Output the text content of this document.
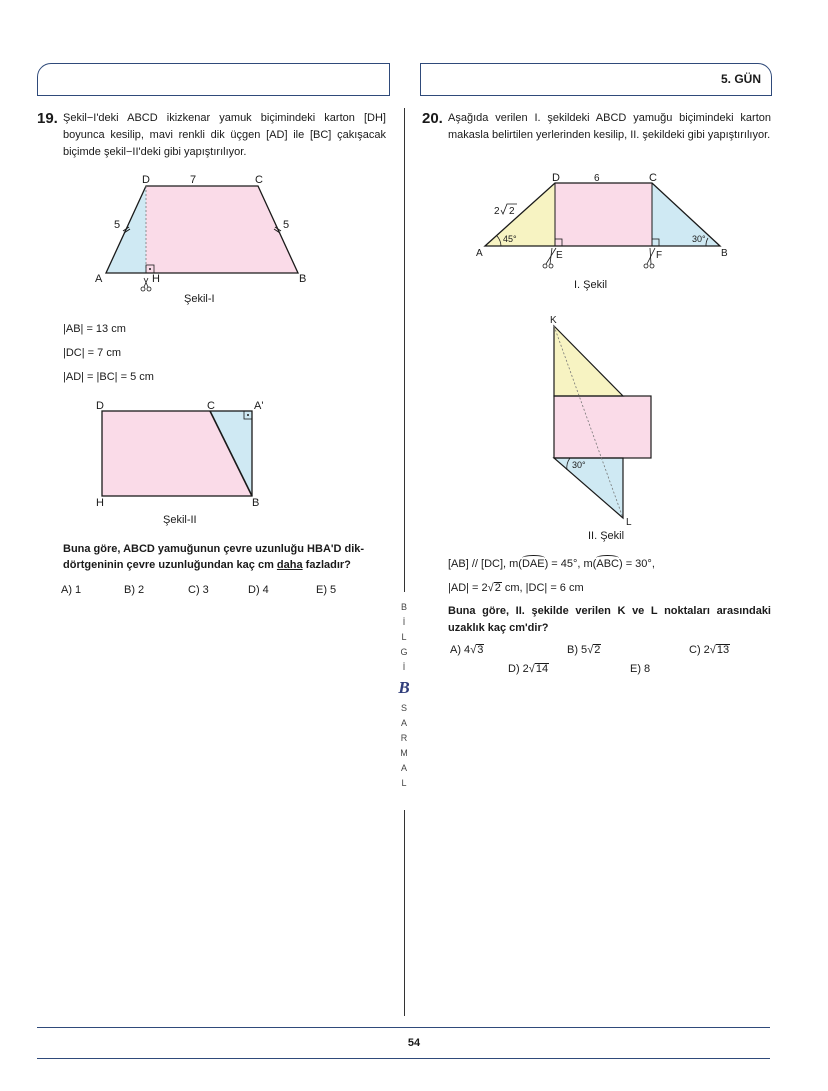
5. GÜN
19. Şekil−I'deki ABCD ikizkenar yamuk biçimindeki karton [DH] boyunca kesilip, mavi renkli dik üçgen [AD] ile [BC] çakışacak biçimde şekil−II'deki gibi yapıştırılıyor.
D	C
A	B
H
7
5	5
Şekil-I
|AB| = 13 cm
|DC| = 7 cm
|AD| = |BC| = 5 cm
D	C	A'
H	B
Şekil-II
Buna göre, ABCD yamuğunun çevre uzunluğu HBA'D dik-
dörtgeninin çevre uzunluğundan kaç cm daha fazladır?
A) 1	B) 2	C) 3	D) 4	E) 5
B
İ
L
G
İ
B
S
A
R
M
A
L
20. Aşağıda verilen I. şekildeki ABCD yamuğu biçimindeki karton makasla belirtilen yerlerinden kesilip, II. şekildeki gibi yapıştırılıyor.
D	C
A	B
E	F
6
45°	30°
2 2
I. Şekil
K
L
30°
II. Şekil
[AB] // [DC], m(DAE) = 45°, m(ABC) = 30°,
|AD| = 2√2 cm, |DC| = 6 cm
Buna göre, II. şekilde verilen K ve L noktaları arasındaki uzaklık kaç cm'dir?
A) 4√3	B) 5√2	C) 2√13
D) 2√14	E) 8
54
